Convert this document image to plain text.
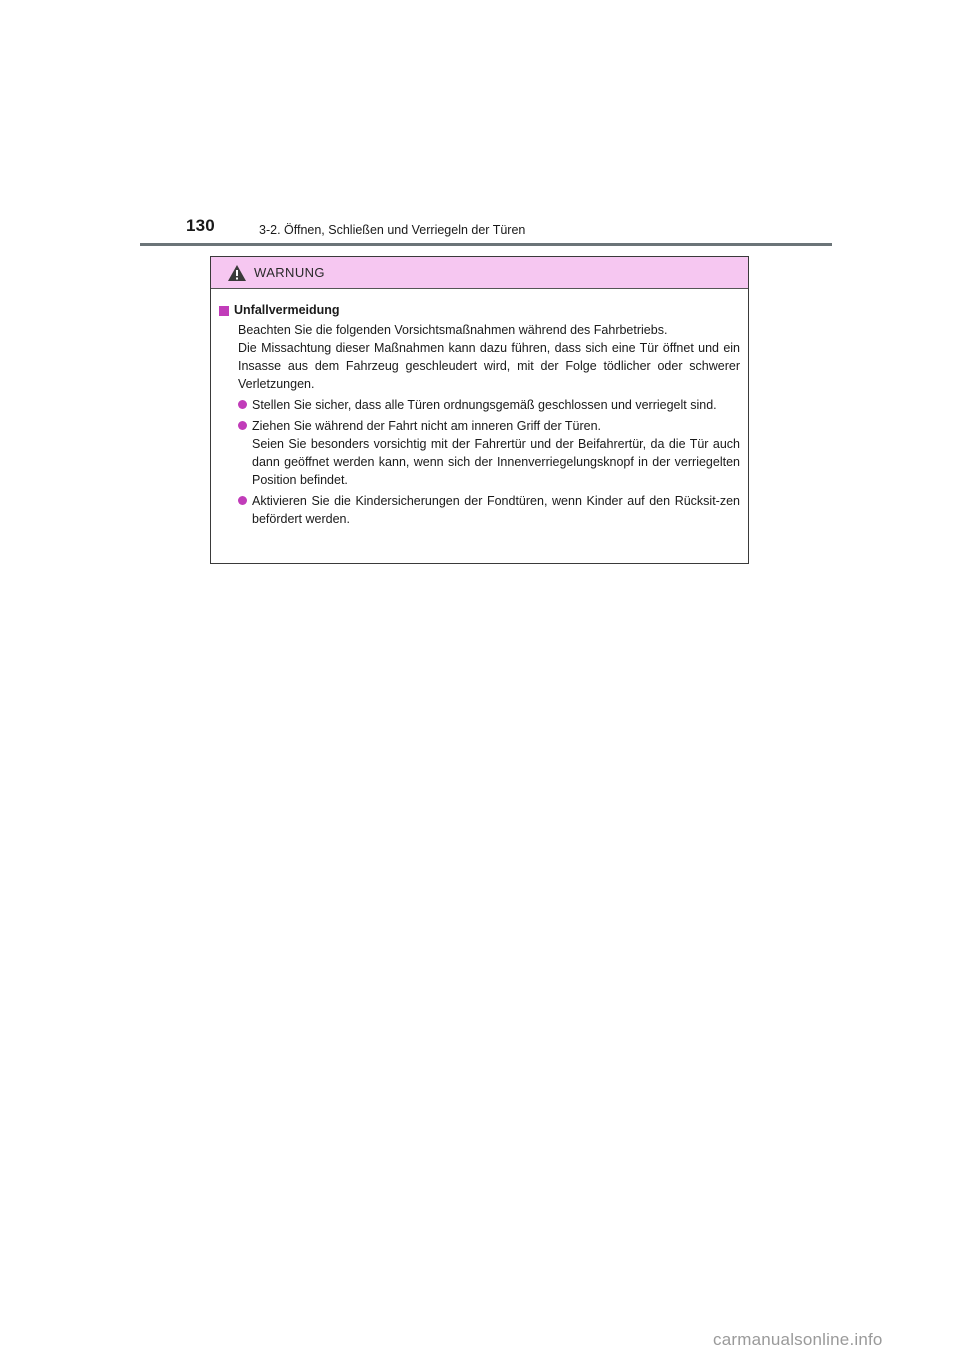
130	3-2. Öffnen, Schließen und Verriegeln der Türen
WARNUNG
Unfallvermeidung
Beachten Sie die folgenden Vorsichtsmaßnahmen während des Fahrbetriebs.
Die Missachtung dieser Maßnahmen kann dazu führen, dass sich eine Tür öffnet und ein Insasse aus dem Fahrzeug geschleudert wird, mit der Folge tödlicher oder schwerer Verletzungen.
Stellen Sie sicher, dass alle Türen ordnungsgemäß geschlossen und verriegelt sind.
Ziehen Sie während der Fahrt nicht am inneren Griff der Türen.
Seien Sie besonders vorsichtig mit der Fahrertür und der Beifahrertür, da die Tür auch dann geöffnet werden kann, wenn sich der Innenverriegelungsknopf in der verriegelten Position befindet.
Aktivieren Sie die Kindersicherungen der Fondtüren, wenn Kinder auf den Rücksit-zen befördert werden.
carmanualsonline.info
